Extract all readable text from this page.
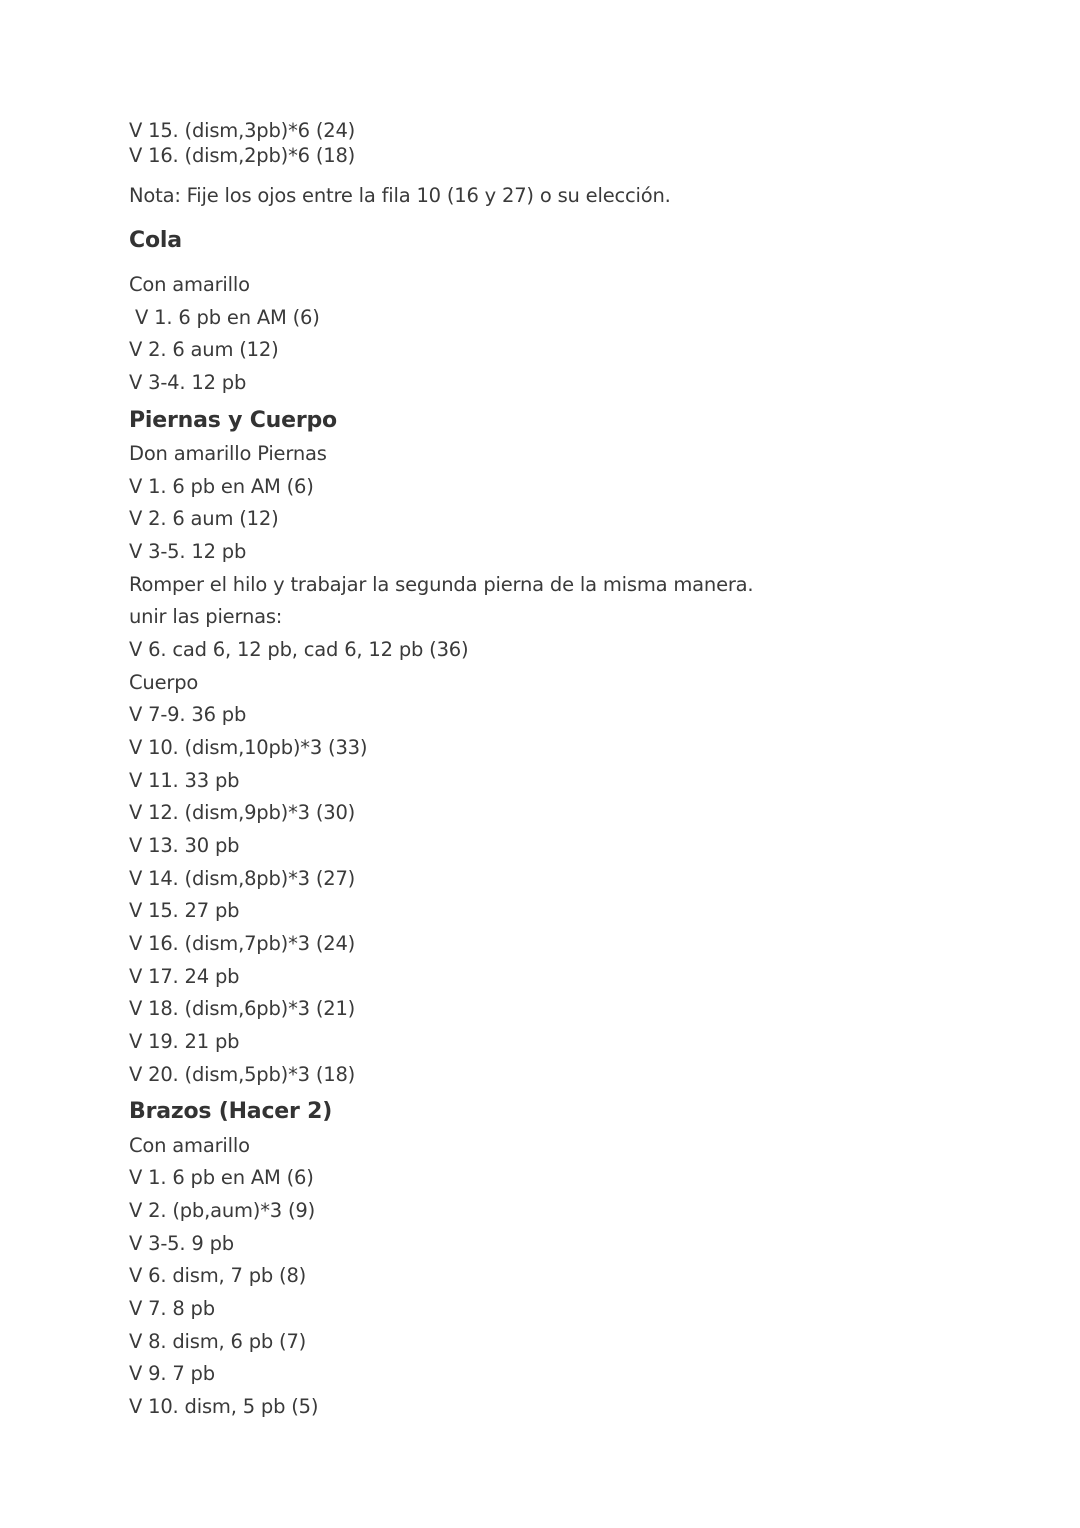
V 15. (dism,3pb)*6 (24)
V 16. (dism,2pb)*6 (18)
Nota: Fije los ojos entre la fila 10 (16 y 27) o su elección.
Cola
Con amarillo
V 1. 6 pb en AM (6)
V 2. 6 aum (12)
V 3-4. 12 pb
Piernas y Cuerpo
Don amarillo Piernas
V 1. 6 pb en AM (6)
V 2. 6 aum (12)
V 3-5. 12 pb
Romper el hilo y trabajar la segunda pierna de la misma manera.
unir las piernas:
V 6. cad 6, 12 pb, cad 6, 12 pb (36)
Cuerpo
V 7-9. 36 pb
V 10. (dism,10pb)*3 (33)
V 11. 33 pb
V 12. (dism,9pb)*3 (30)
V 13. 30 pb
V 14. (dism,8pb)*3 (27)
V 15. 27 pb
V 16. (dism,7pb)*3 (24)
V 17. 24 pb
V 18. (dism,6pb)*3 (21)
V 19. 21 pb
V 20. (dism,5pb)*3 (18)
Brazos (Hacer 2)
Con amarillo
V 1. 6 pb en AM (6)
V 2. (pb,aum)*3 (9)
V 3-5. 9 pb
V 6. dism, 7 pb (8)
V 7. 8 pb
V 8. dism, 6 pb (7)
V 9. 7 pb
V 10. dism, 5 pb (5)
